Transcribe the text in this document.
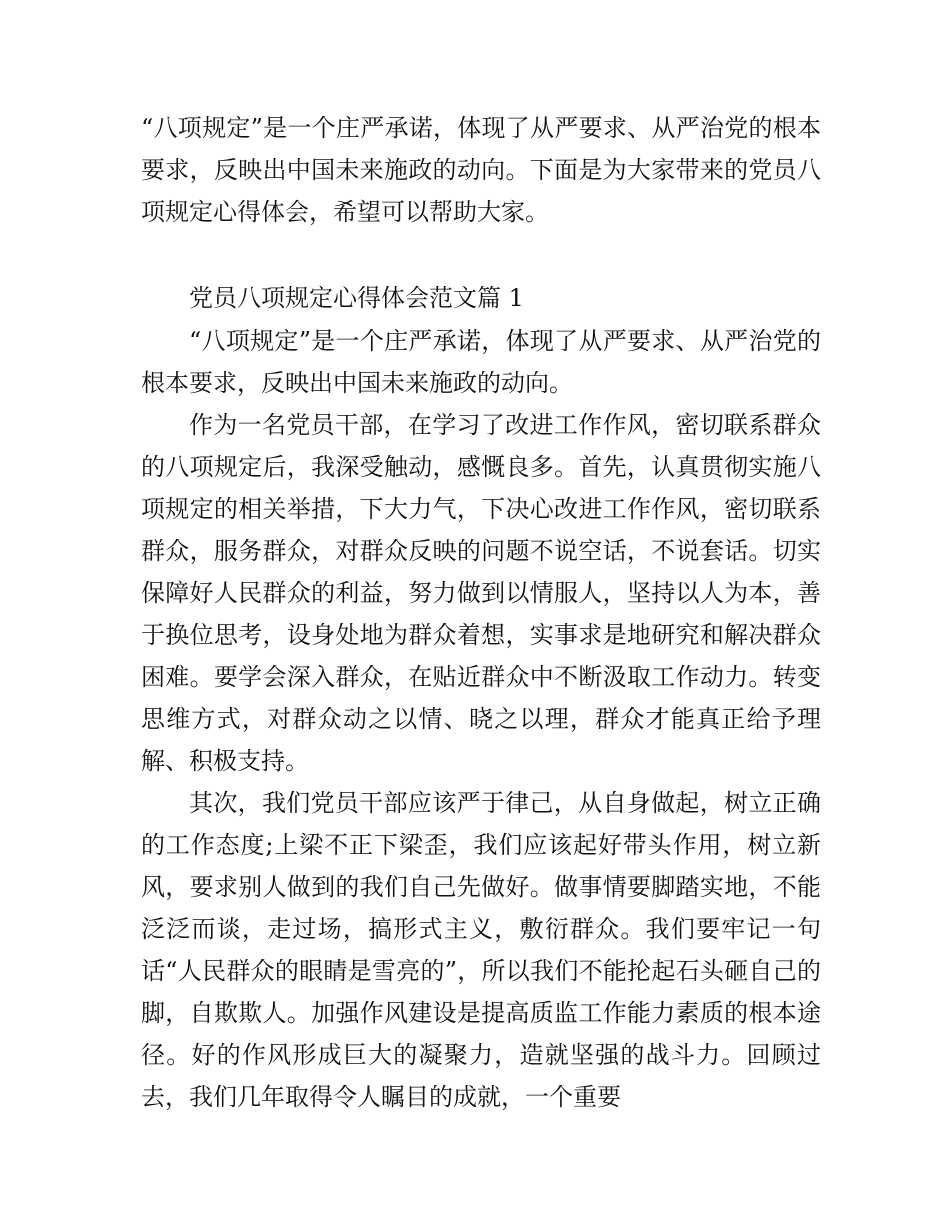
“八项规定”是一个庄严承诺，体现了从严要求、从严治党的根本要求，反映出中国未来施政的动向。下面是为大家带来的党员八项规定心得体会，希望可以帮助大家。

党员八项规定心得体会范文篇 1

“八项规定”是一个庄严承诺，体现了从严要求、从严治党的根本要求，反映出中国未来施政的动向。

作为一名党员干部，在学习了改进工作作风，密切联系群众的八项规定后，我深受触动，感慨良多。首先，认真贯彻实施八项规定的相关举措，下大力气，下决心改进工作作风，密切联系群众，服务群众，对群众反映的问题不说空话，不说套话。切实保障好人民群众的利益，努力做到以情服人，坚持以人为本，善于换位思考，设身处地为群众着想，实事求是地研究和解决群众困难。要学会深入群众，在贴近群众中不断汲取工作动力。转变思维方式，对群众动之以情、晓之以理，群众才能真正给予理解、积极支持。

其次，我们党员干部应该严于律己，从自身做起，树立正确的工作态度;上梁不正下梁歪，我们应该起好带头作用，树立新风，要求别人做到的我们自己先做好。做事情要脚踏实地，不能泛泛而谈，走过场，搞形式主义，敷衍群众。我们要牢记一句话“人民群众的眼睛是雪亮的”，所以我们不能抡起石头砸自己的脚，自欺欺人。加强作风建设是提高质监工作能力素质的根本途径。好的作风形成巨大的凝聚力，造就坚强的战斗力。回顾过去，我们几年取得令人瞩目的成就，一个重要
